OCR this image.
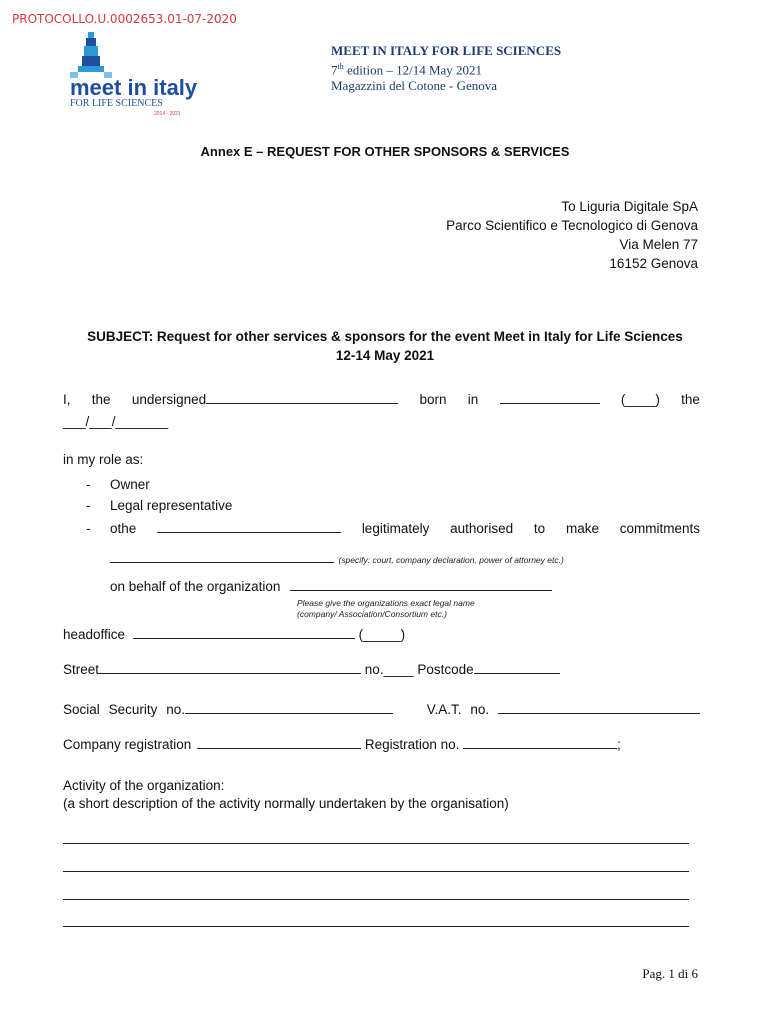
PROTOCOLLO.U.0002653.01-07-2020
meet in italy
FOR LIFE SCIENCES
2014 - 2021
MEET IN ITALY FOR LIFE SCIENCES
7th edition – 12/14 May 2021
Magazzini del Cotone - Genova
Annex E – REQUEST FOR OTHER SPONSORS & SERVICES
To Liguria Digitale SpA
Parco Scientifico e Tecnologico di Genova
Via Melen 77
16152 Genova
SUBJECT: Request for other services & sponsors for the event Meet in Italy for Life Sciences
12-14 May 2021
I, the undersigned	born in	(____) the
___/___/_______
in my role as:
- Owner
- Legal representative
- othe	legitimately authorised to make commitments
(specify: court, company declaration, power of attorney etc.)
on behalf of the organization
Please give the organizations exact legal name
(company/ Association/Consortium etc.)
headoffice	(_____)
Street	no.____ Postcode
Social Security no.	V.A.T. no.
Company registration	Registration no.	;
Activity of the organization:
(a short description of the activity normally undertaken by the organisation)
Pag. 1 di 6
